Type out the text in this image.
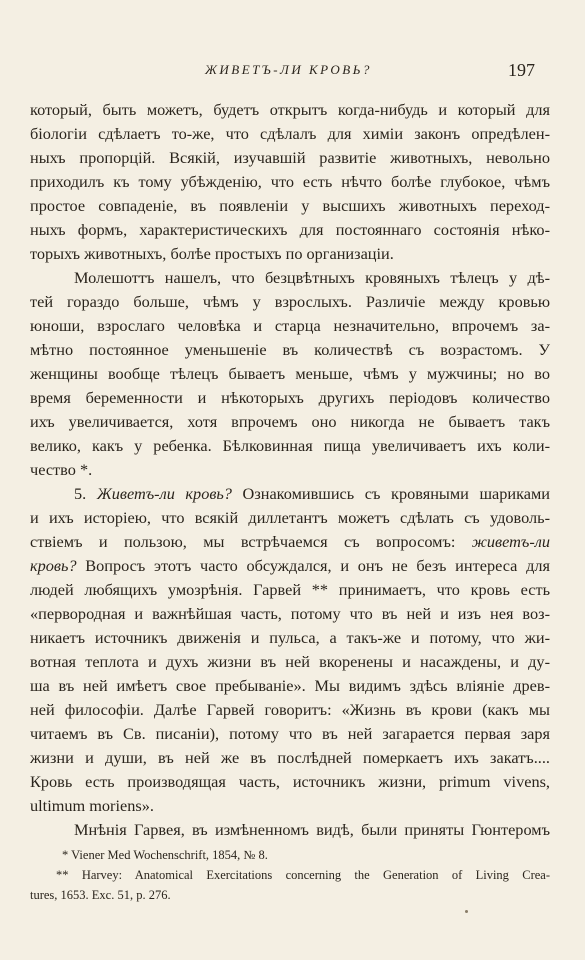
ЖИВЕТЪ-ЛИ КРОВЬ?	197
который, быть можетъ, будетъ открытъ когда-нибудь и который для
біологіи сдѣлаетъ то-же, что сдѣлалъ для химіи законъ опредѣлен-
ныхъ пропорцій. Всякій, изучавшій развитіе животныхъ, невольно
приходилъ къ тому убѣжденію, что есть нѣчто болѣе глубокое, чѣмъ
простое совпаденіе, въ появленіи у высшихъ животныхъ переход-
ныхъ формъ, характеристическихъ для постояннаго состоянія нѣко-
торыхъ животныхъ, болѣе простыхъ по организаціи.
Молешоттъ нашелъ, что безцвѣтныхъ кровяныхъ тѣлецъ у дѣ-
тей гораздо больше, чѣмъ у взрослыхъ. Различіе между кровью
юноши, взрослаго человѣка и старца незначительно, впрочемъ за-
мѣтно постоянное уменьшеніе въ количествѣ съ возрастомъ. У
женщины вообще тѣлецъ бываетъ меньше, чѣмъ у мужчины; но во
время беременности и нѣкоторыхъ другихъ періодовъ количество
ихъ увеличивается, хотя впрочемъ оно никогда не бываетъ такъ
велико, какъ у ребенка. Бѣлковинная пища увеличиваетъ ихъ коли-
чество *.
5. Живетъ-ли кровь? Ознакомившись съ кровяными шариками
и ихъ исторіею, что всякій диллетантъ можетъ сдѣлать съ удоволь-
ствіемъ и пользою, мы встрѣчаемся съ вопросомъ: живетъ-ли
кровь? Вопросъ этотъ часто обсуждался, и онъ не безъ интереса для
людей любящихъ умозрѣнія. Гарвей ** принимаетъ, что кровь есть
«первородная и важнѣйшая часть, потому что въ ней и изъ нея воз-
никаетъ источникъ движенія и пульса, а такъ-же и потому, что жи-
вотная теплота и духъ жизни въ ней вкоренены и насаждены, и ду-
ша въ ней имѣетъ свое пребываніе». Мы видимъ здѣсь вліяніе древ-
ней философіи. Далѣе Гарвей говоритъ: «Жизнь въ крови (какъ мы
читаемъ въ Св. писаніи), потому что въ ней загарается первая заря
жизни и души, въ ней же въ послѣдней померкаетъ ихъ закатъ....
Кровь есть производящая часть, источникъ жизни, primum vivens,
ultimum moriens».
Мнѣнія Гарвея, въ измѣненномъ видѣ, были приняты Гюнтеромъ
* Viener Med Wochenschrift, 1854, № 8.
** Harvey: Anatomical Exercitations concerning the Generation of Living Crea-
tures, 1653. Exc. 51, p. 276.
